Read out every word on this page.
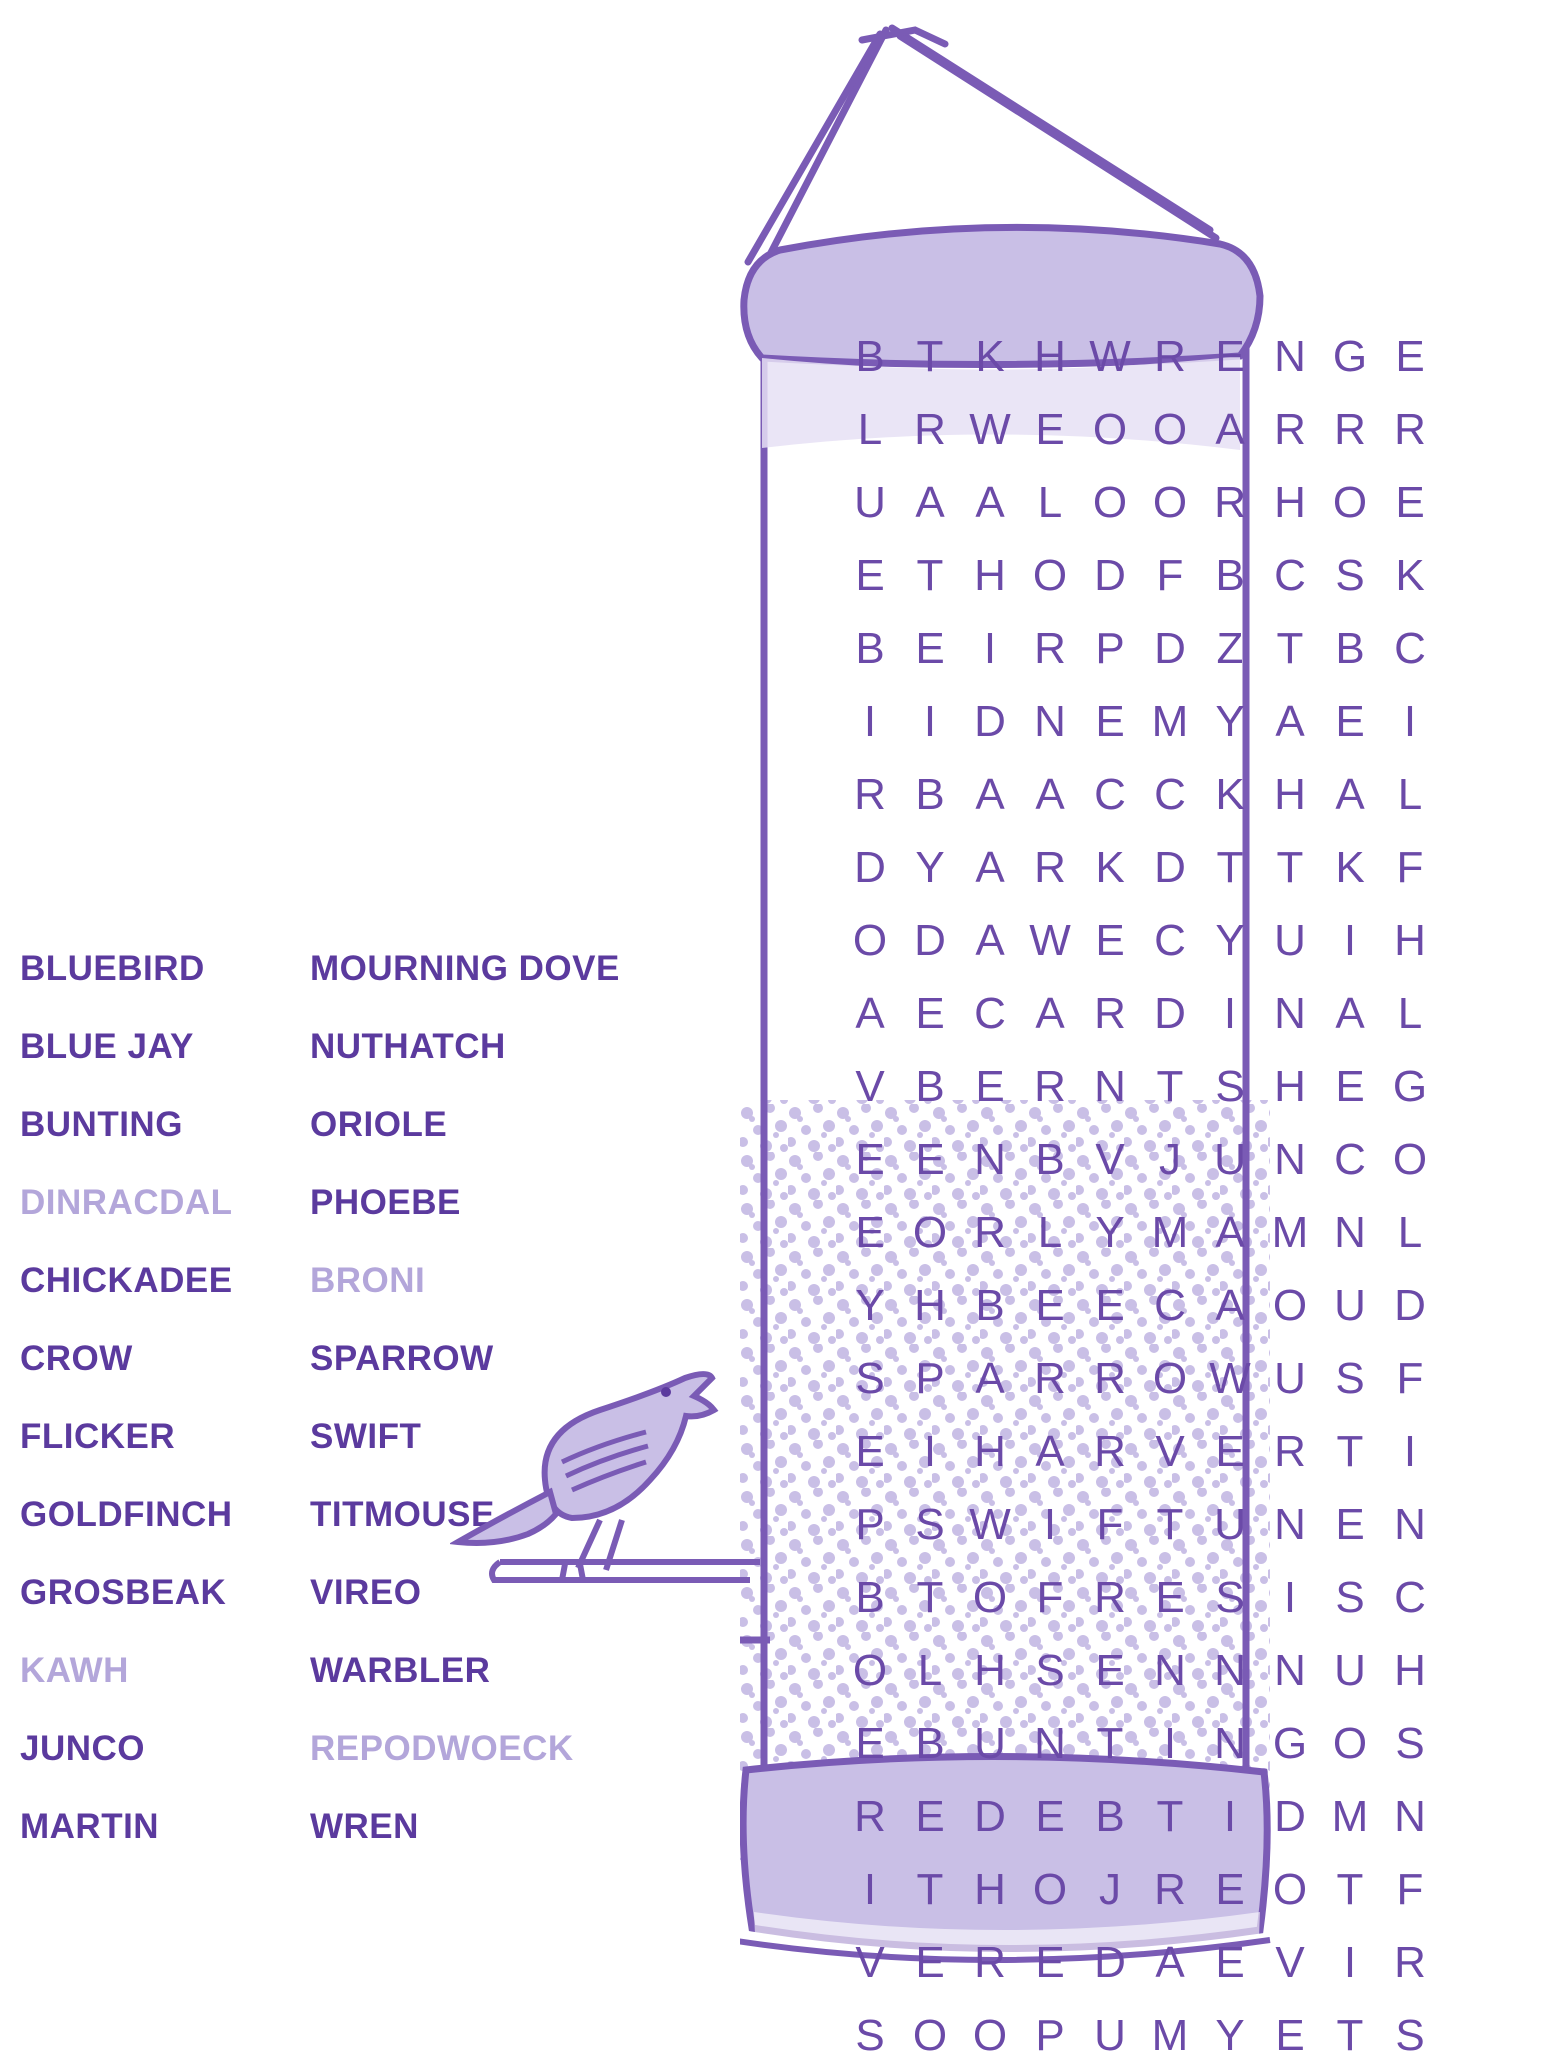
B T K H W R E N G E
L R W E O O A R R R
U A A L O O R H O E
E T H O D F B C S K
B E I R P D Z T B C
I	I D N E M Y A E I
R B A A C C K H A L
D Y A R K D T T K F
O D A W E C Y U I H
A E C A R D I N A L
V B E R N T S H E G
E E N B V J U N C O
E O R L Y M A M N L
Y H B E E C A O U D
S P A R R O W U S F
E I H A R V E R T I
P S W I F T U N E N
B T O F R E S I S C
O L H S E N N N U H
E B U N T I N G O S
R E D E B T I D M N
I T H O J R E O T F
V E R E D A E V I R
S O O P U M Y E T S
BLUEBIRD
BLUE JAY
BUNTING
DINRACDAL
CHICKADEE
CROW
FLICKER
GOLDFINCH
GROSBEAK
KAWH
JUNCO
MARTIN
MOURNING DOVE
NUTHATCH
ORIOLE
PHOEBE
BRONI
SPARROW
SWIFT
TITMOUSE
VIREO
WARBLER
REPODWOECK
WREN
